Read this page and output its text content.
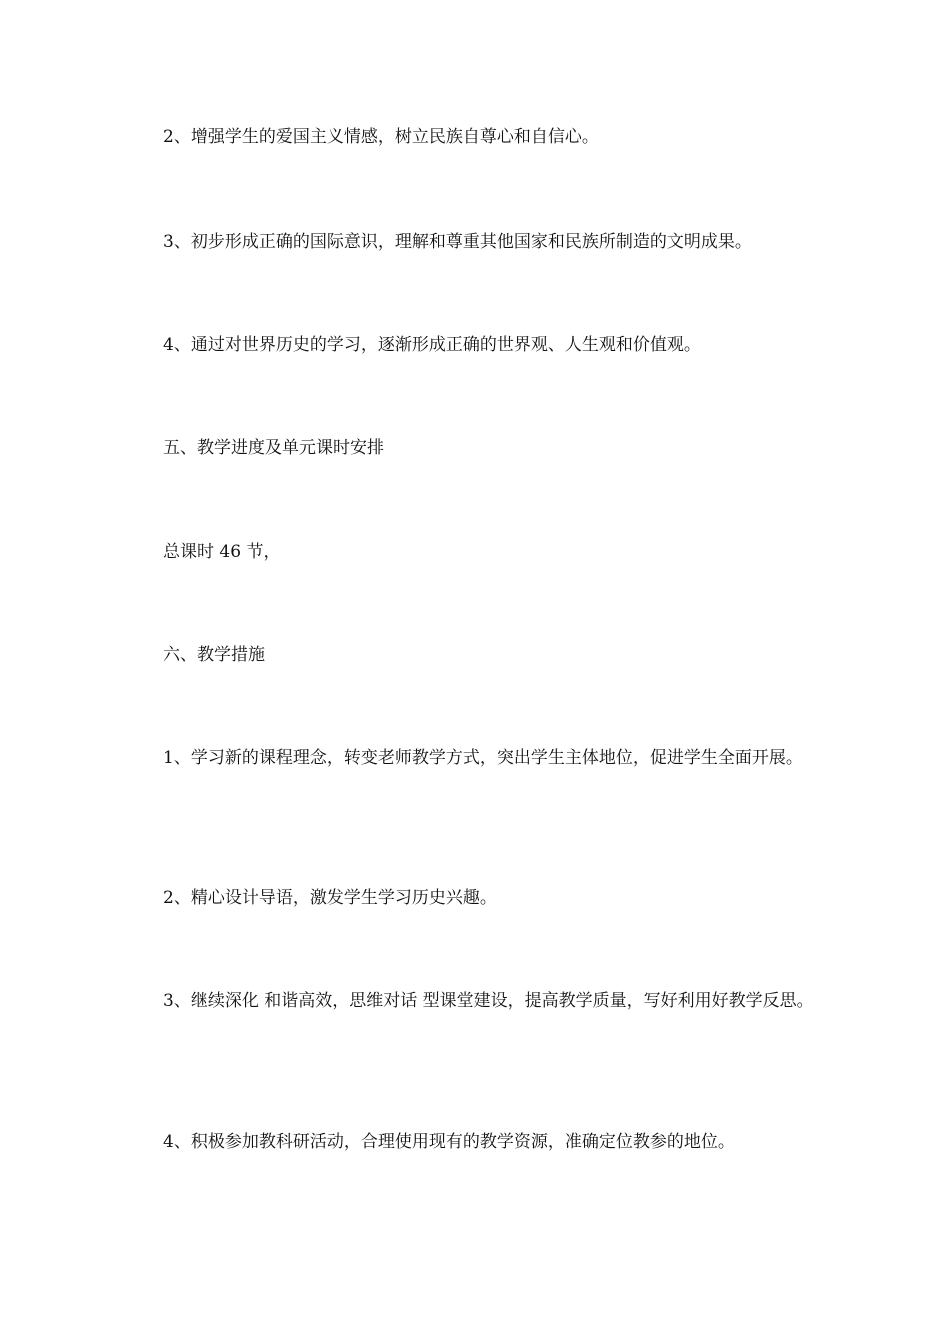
2、增强学生的爱国主义情感，树立民族自尊心和自信心。

3、初步形成正确的国际意识，理解和尊重其他国家和民族所制造的文明成果。

4、通过对世界历史的学习，逐渐形成正确的世界观、人生观和价值观。

五、教学进度及单元课时安排

总课时 46 节，

六、教学措施

1、学习新的课程理念，转变老师教学方式，突出学生主体地位，促进学生全面开展。

2、精心设计导语，激发学生学习历史兴趣。

3、继续深化 和谐高效，思维对话 型课堂建设，提高教学质量，写好利用好教学反思。

4、积极参加教科研活动，合理使用现有的教学资源，准确定位教参的地位。
